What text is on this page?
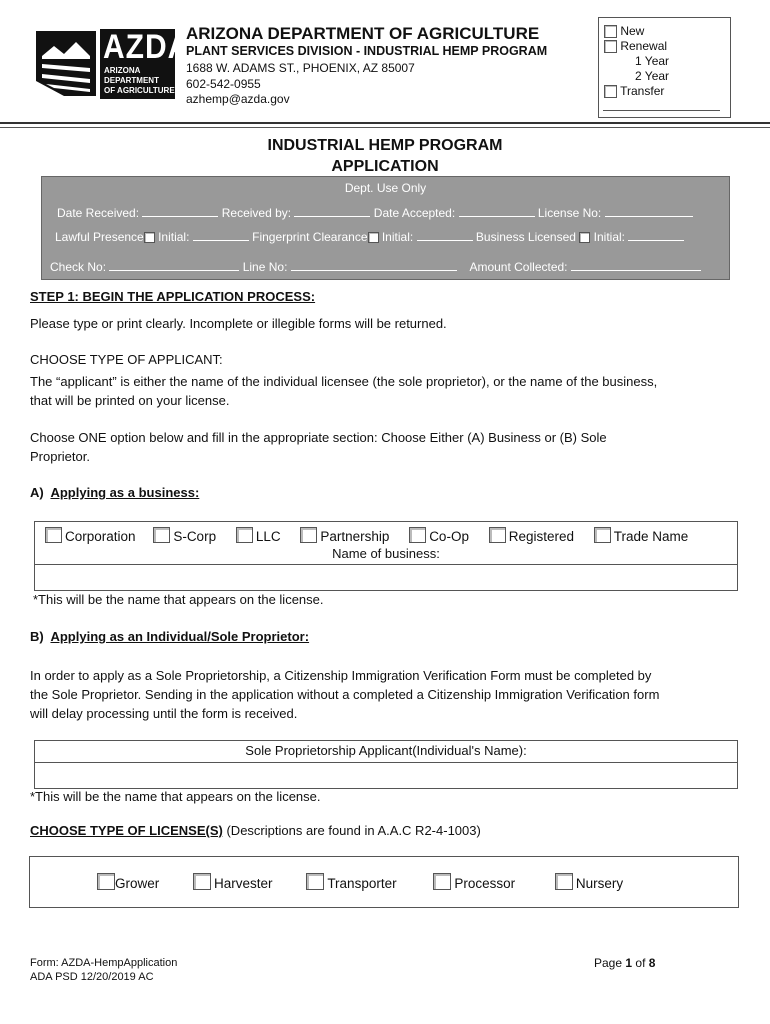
AZDA
ARIZONA
DEPARTMENT
OF AGRICULTURE
ARIZONA DEPARTMENT OF AGRICULTURE
PLANT SERVICES DIVISION - INDUSTRIAL HEMP PROGRAM
1688 W. ADAMS ST., PHOENIX, AZ 85007
602-542-0955
azhemp@azda.gov
New
Renewal
1 Year
2 Year
Transfer
INDUSTRIAL HEMP PROGRAM
APPLICATION
Dept. Use Only
Date Received:	Received by:	Date Accepted:	License No:
Lawful Presence Initial:	Fingerprint Clearance Initial:	Business Licensed Initial:
Check No:	Line No:	Amount Collected:
STEP 1: BEGIN THE APPLICATION PROCESS:
Please type or print clearly. Incomplete or illegible forms will be returned.
CHOOSE TYPE OF APPLICANT:
The “applicant” is either the name of the individual licensee (the sole proprietor), or the name of the business,
that will be printed on your license.
Choose ONE option below and fill in the appropriate section: Choose Either (A) Business or (B) Sole
Proprietor.
A) Applying as a business:
Corporation	S-Corp	LLC	Partnership	Co-Op	Registered	Trade Name
Name of business:
*This will be the name that appears on the license.
B) Applying as an Individual/Sole Proprietor:
In order to apply as a Sole Proprietorship, a Citizenship Immigration Verification Form must be completed by
the Sole Proprietor. Sending in the application without a completed a Citizenship Immigration Verification form
will delay processing until the form is received.
Sole Proprietorship Applicant(Individual's Name):
*This will be the name that appears on the license.
CHOOSE TYPE OF LICENSE(S) (Descriptions are found in A.A.C R2-4-1003)
Grower	Harvester	Transporter	Processor	Nursery
Form: AZDA-HempApplication
ADA PSD 12/20/2019 AC
Page 1 of 8
